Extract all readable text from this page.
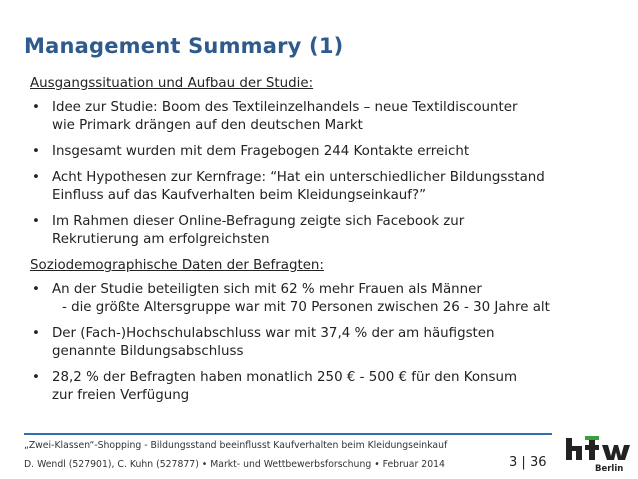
Management Summary (1)
Ausgangssituation und Aufbau der Studie:
• Idee zur Studie: Boom des Textileinzelhandels – neue Textildiscounter
wie Primark drängen auf den deutschen Markt
• Insgesamt wurden mit dem Fragebogen 244 Kontakte erreicht
• Acht Hypothesen zur Kernfrage: “Hat ein unterschiedlicher Bildungsstand
Einfluss auf das Kaufverhalten beim Kleidungseinkauf?”
• Im Rahmen dieser Online-Befragung zeigte sich Facebook zur
Rekrutierung am erfolgreichsten
Soziodemographische Daten der Befragten:
• An der Studie beteiligten sich mit 62 % mehr Frauen als Männer
- die größte Altersgruppe war mit 70 Personen zwischen 26 - 30 Jahre alt
• Der (Fach-)Hochschulabschluss war mit 37,4 % der am häufigsten
genannte Bildungsabschluss
• 28,2 % der Befragten haben monatlich 250 € - 500 € für den Konsum
zur freien Verfügung
„Zwei-Klassen“-Shopping - Bildungsstand beeinflusst Kaufverhalten beim Kleidungseinkauf
D. Wendl (527901), C. Kuhn (527877) • Markt- und Wettbewerbsforschung • Februar 2014	3 | 36	Berlin
